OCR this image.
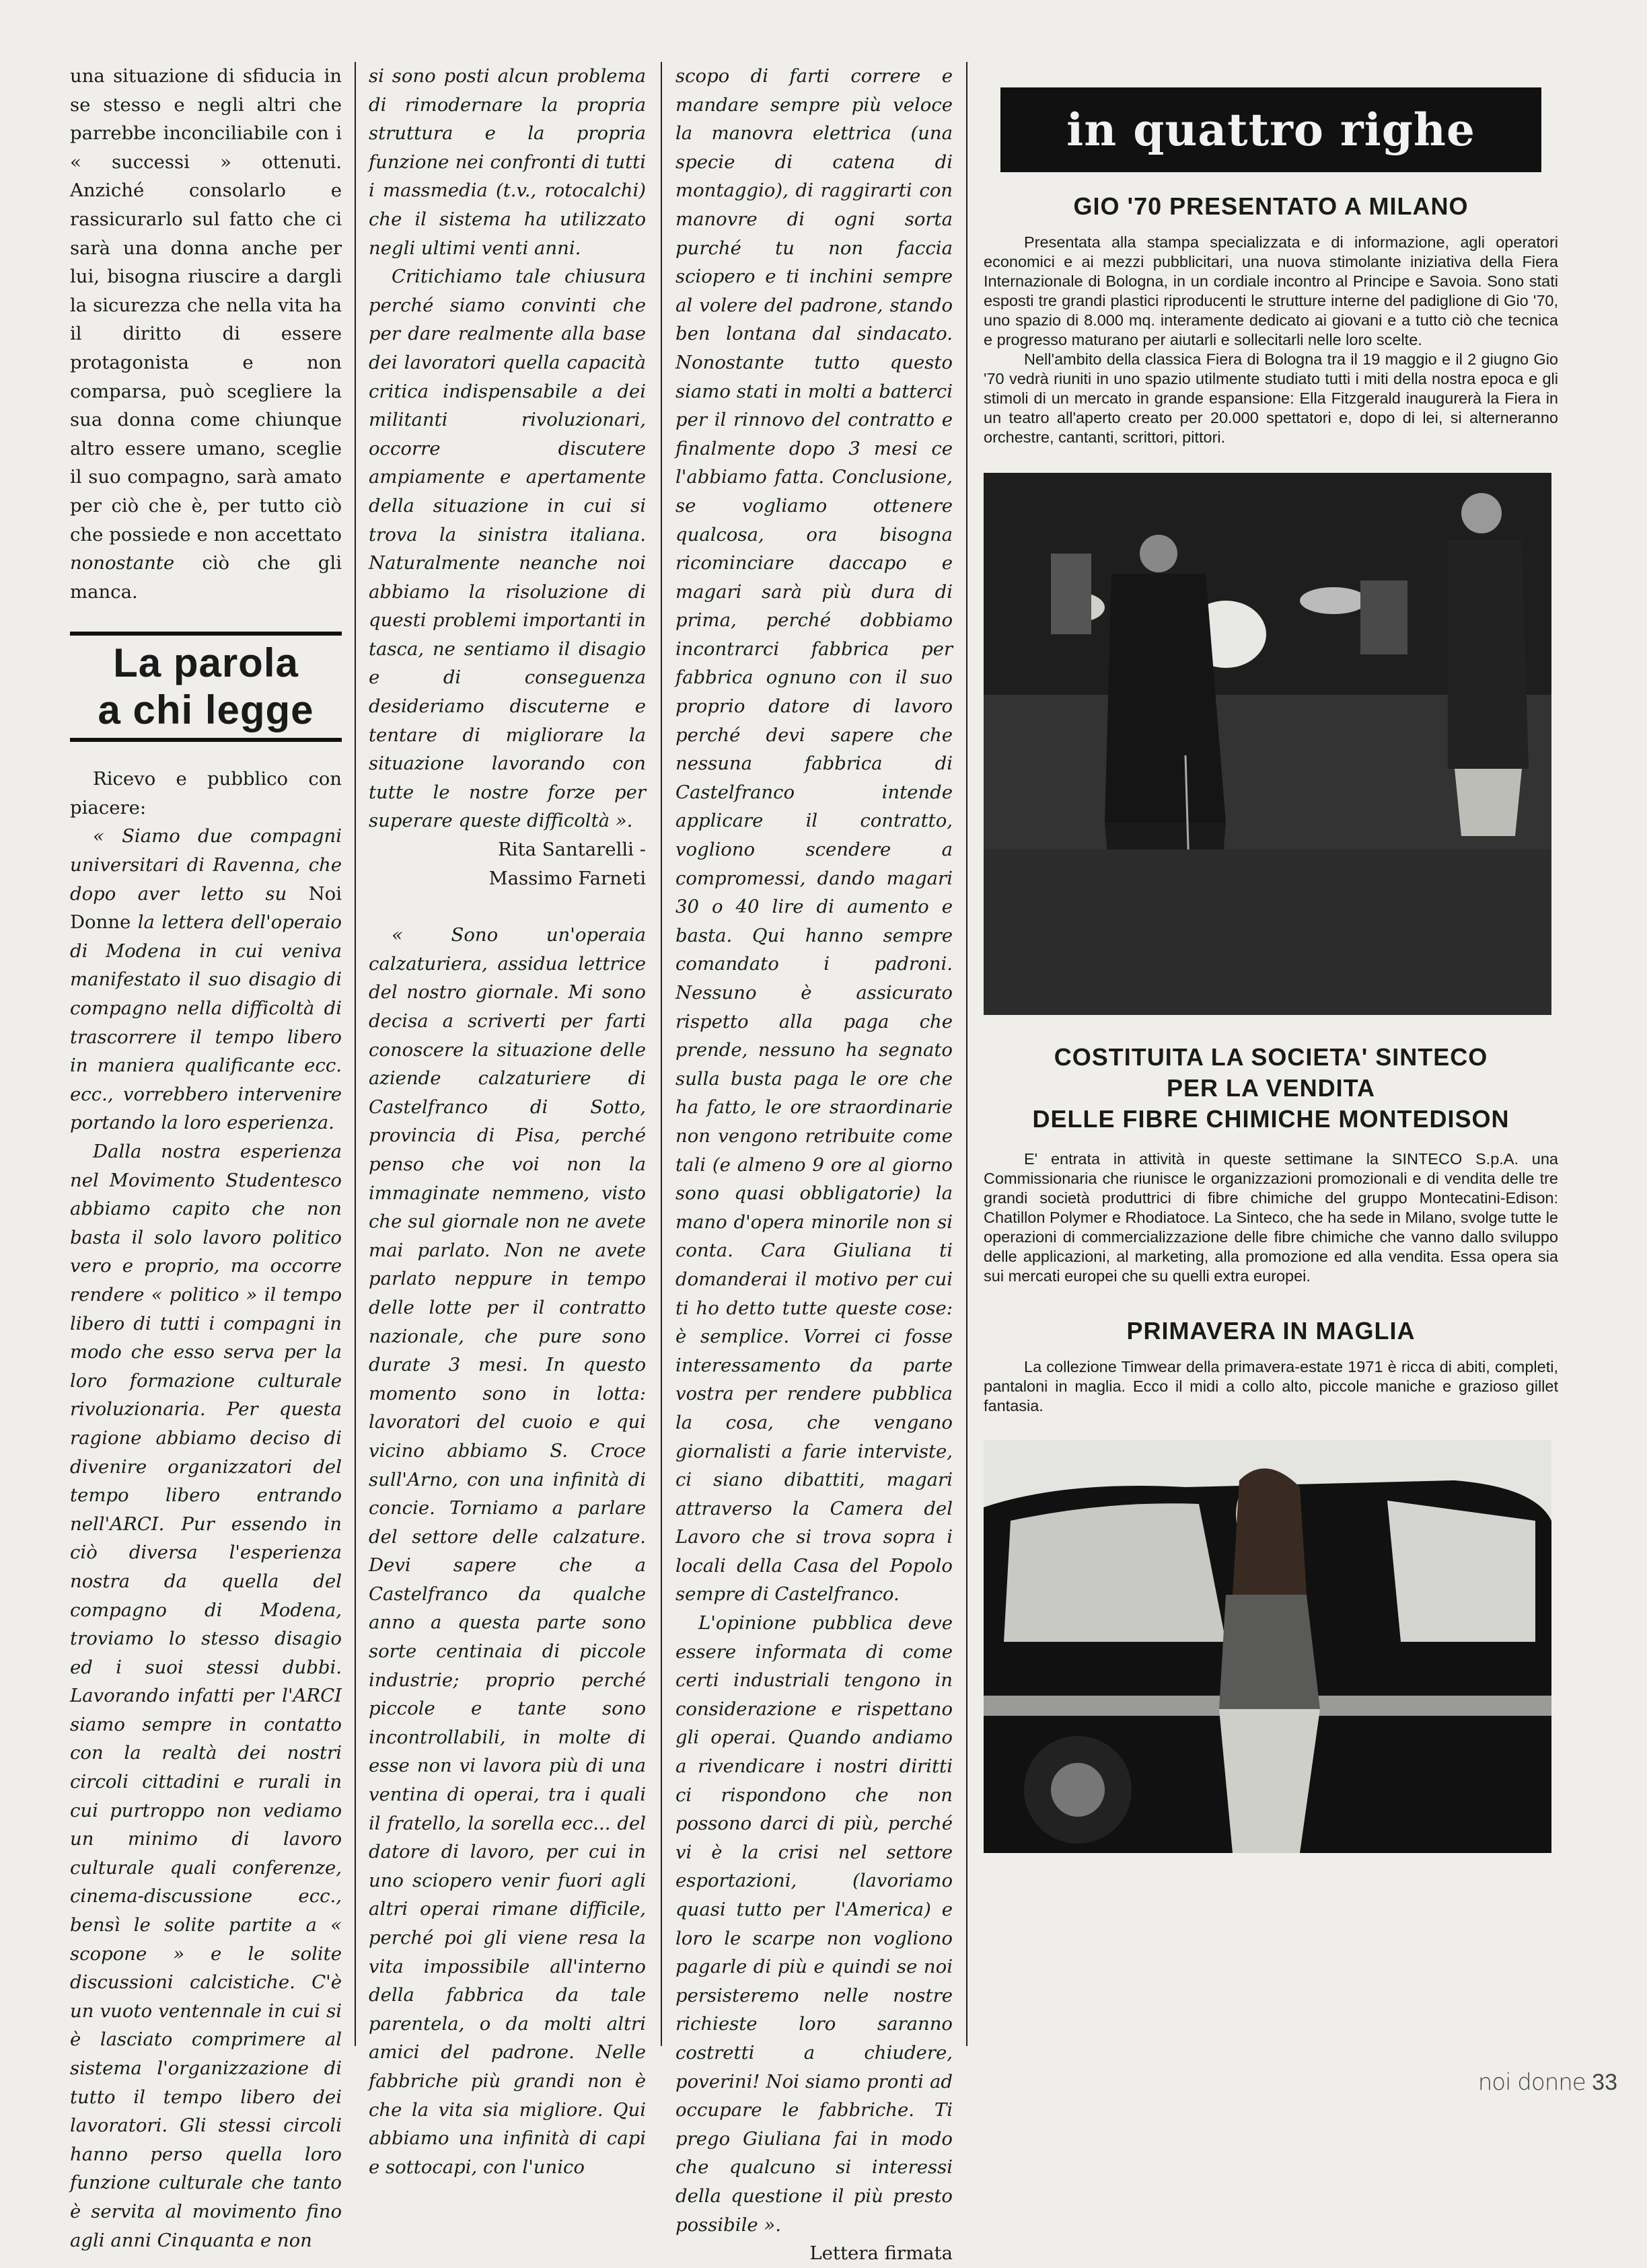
una situazione di sfiducia in se stesso e negli altri che parrebbe inconciliabile con i « successi » ottenuti. Anziché consolarlo e rassicurarlo sul fatto che ci sarà una donna anche per lui, bisogna riuscire a dargli la sicurezza che nella vita ha il diritto di essere protagonista e non comparsa, può scegliere la sua donna come chiunque altro essere umano, sceglie il suo compagno, sarà amato per ciò che è, per tutto ciò che possiede e non accettato nonostante ciò che gli manca.

La parola
a chi legge

Ricevo e pubblico con piacere:

« Siamo due compagni universitari di Ravenna, che dopo aver letto su Noi Donne la lettera dell'operaio di Modena in cui veniva manifestato il suo disagio di compagno nella difficoltà di trascorrere il tempo libero in maniera qualificante ecc. ecc., vorrebbero intervenire portando la loro esperienza.

Dalla nostra esperienza nel Movimento Studentesco abbiamo capito che non basta il solo lavoro politico vero e proprio, ma occorre rendere « politico » il tempo libero di tutti i compagni in modo che esso serva per la loro formazione culturale rivoluzionaria. Per questa ragione abbiamo deciso di divenire organizzatori del tempo libero entrando nell'ARCI. Pur essendo in ciò diversa l'esperienza nostra da quella del compagno di Modena, troviamo lo stesso disagio ed i suoi stessi dubbi. Lavorando infatti per l'ARCI siamo sempre in contatto con la realtà dei nostri circoli cittadini e rurali in cui purtroppo non vediamo un minimo di lavoro culturale quali conferenze, cinema-discussione ecc., bensì le solite partite a « scopone » e le solite discussioni calcistiche. C'è un vuoto ventennale in cui si è lasciato comprimere al sistema l'organizzazione di tutto il tempo libero dei lavoratori. Gli stessi circoli hanno perso quella loro funzione culturale che tanto è servita al movimento fino agli anni Cinquanta e non

si sono posti alcun problema di rimodernare la propria struttura e la propria funzione nei confronti di tutti i massmedia (t.v., rotocalchi) che il sistema ha utilizzato negli ultimi venti anni.

Critichiamo tale chiusura perché siamo convinti che per dare realmente alla base dei lavoratori quella capacità critica indispensabile a dei militanti rivoluzionari, occorre discutere ampiamente e apertamente della situazione in cui si trova la sinistra italiana. Naturalmente neanche noi abbiamo la risoluzione di questi problemi importanti in tasca, ne sentiamo il disagio e di conseguenza desideriamo discuterne e tentare di migliorare la situazione lavorando con tutte le nostre forze per superare queste difficoltà ».

Rita Santarelli -

Massimo Farneti

« Sono un'operaia calzaturiera, assidua lettrice del nostro giornale. Mi sono decisa a scriverti per farti conoscere la situazione delle aziende calzaturiere di Castelfranco di Sotto, provincia di Pisa, perché penso che voi non la immaginate nemmeno, visto che sul giornale non ne avete mai parlato. Non ne avete parlato neppure in tempo delle lotte per il contratto nazionale, che pure sono durate 3 mesi. In questo momento sono in lotta: lavoratori del cuoio e qui vicino abbiamo S. Croce sull'Arno, con una infinità di concie. Torniamo a parlare del settore delle calzature. Devi sapere che a Castelfranco da qualche anno a questa parte sono sorte centinaia di piccole industrie; proprio perché piccole e tante sono incontrollabili, in molte di esse non vi lavora più di una ventina di operai, tra i quali il fratello, la sorella ecc... del datore di lavoro, per cui in uno sciopero venir fuori agli altri operai rimane difficile, perché poi gli viene resa la vita impossibile all'interno della fabbrica da tale parentela, o da molti altri amici del padrone. Nelle fabbriche più grandi non è che la vita sia migliore. Qui abbiamo una infinità di capi e sottocapi, con l'unico

scopo di farti correre e mandare sempre più veloce la manovra elettrica (una specie di catena di montaggio), di raggirarti con manovre di ogni sorta purché tu non faccia sciopero e ti inchini sempre al volere del padrone, stando ben lontana dal sindacato. Nonostante tutto questo siamo stati in molti a batterci per il rinnovo del contratto e finalmente dopo 3 mesi ce l'abbiamo fatta. Conclusione, se vogliamo ottenere qualcosa, ora bisogna ricominciare daccapo e magari sarà più dura di prima, perché dobbiamo incontrarci fabbrica per fabbrica ognuno con il suo proprio datore di lavoro perché devi sapere che nessuna fabbrica di Castelfranco intende applicare il contratto, vogliono scendere a compromessi, dando magari 30 o 40 lire di aumento e basta. Qui hanno sempre comandato i padroni. Nessuno è assicurato rispetto alla paga che prende, nessuno ha segnato sulla busta paga le ore che ha fatto, le ore straordinarie non vengono retribuite come tali (e almeno 9 ore al giorno sono quasi obbligatorie) la mano d'opera minorile non si conta. Cara Giuliana ti domanderai il motivo per cui ti ho detto tutte queste cose: è semplice. Vorrei ci fosse interessamento da parte vostra per rendere pubblica la cosa, che vengano giornalisti a farie interviste, ci siano dibattiti, magari attraverso la Camera del Lavoro che si trova sopra i locali della Casa del Popolo sempre di Castelfranco.

L'opinione pubblica deve essere informata di come certi industriali tengono in considerazione e rispettano gli operai. Quando andiamo a rivendicare i nostri diritti ci rispondono che non possono darci di più, perché vi è la crisi nel settore esportazioni, (lavoriamo quasi tutto per l'America) e loro le scarpe non vogliono pagarle di più e quindi se noi persisteremo nelle nostre richieste loro saranno costretti a chiudere, poverini! Noi siamo pronti ad occupare le fabbriche. Ti prego Giuliana fai in modo che qualcuno si interessi della questione il più presto possibile ».

Lettera firmata

in quattro righe
GIO '70 PRESENTATO A MILANO

Presentata alla stampa specializzata e di informazione, agli operatori economici e ai mezzi pubblicitari, una nuova stimolante iniziativa della Fiera Internazionale di Bologna, in un cordiale incontro al Principe e Savoia. Sono stati esposti tre grandi plastici riproducenti le strutture interne del padiglione di Gio '70, uno spazio di 8.000 mq. interamente dedicato ai giovani e a tutto ciò che tecnica e progresso maturano per aiutarli e sollecitarli nelle loro scelte.

Nell'ambito della classica Fiera di Bologna tra il 19 maggio e il 2 giugno Gio '70 vedrà riuniti in uno spazio utilmente studiato tutti i miti della nostra epoca e gli stimoli di un mercato in grande espansione: Ella Fitzgerald inaugurerà la Fiera in un teatro all'aperto creato per 20.000 spettatori e, dopo di lei, si alterneranno orchestre, cantanti, scrittori, pittori.

COSTITUITA LA SOCIETA' SINTECO
PER LA VENDITA
DELLE FIBRE CHIMICHE MONTEDISON

E' entrata in attività in queste settimane la SINTECO S.p.A. una Commissionaria che riunisce le organizzazioni promozionali e di vendita delle tre grandi società produttrici di fibre chimiche del gruppo Montecatini-Edison: Chatillon Polymer e Rhodiatoce. La Sinteco, che ha sede in Milano, svolge tutte le operazioni di commercializzazione delle fibre chimiche che vanno dallo sviluppo delle applicazioni, al marketing, alla promozione ed alla vendita. Essa opera sia sui mercati europei che su quelli extra europei.

PRIMAVERA IN MAGLIA

La collezione Timwear della primavera-estate 1971 è ricca di abiti, completi, pantaloni in maglia. Ecco il midi a collo alto, piccole maniche e grazioso gillet fantasia.

noi donne 33
